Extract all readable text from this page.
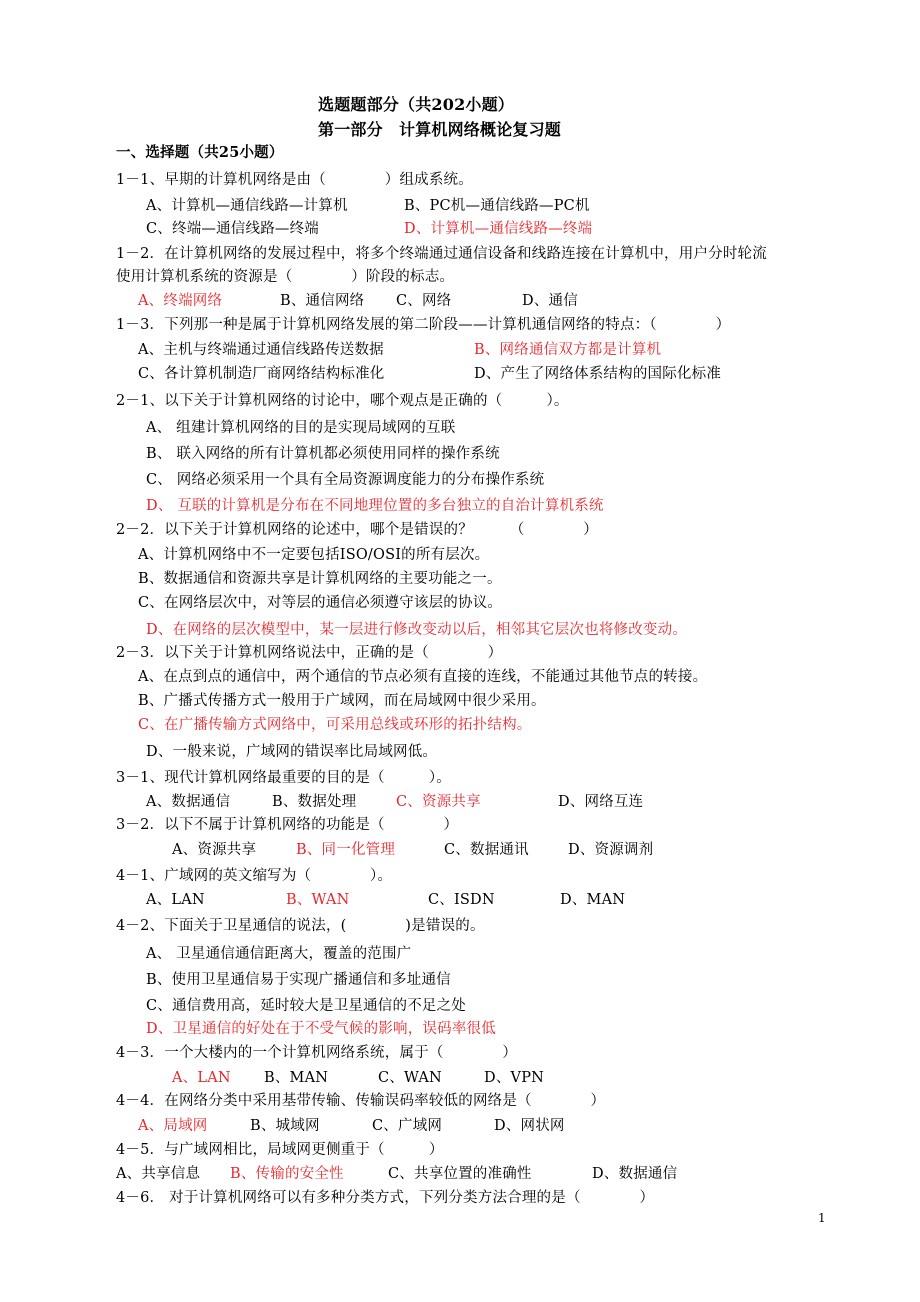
选题题部分（共202小题）
第一部分　计算机网络概论复习题
一、选择题（共25小题）
1－1、早期的计算机网络是由（　　　　）组成系统。
A、计算机—通信线路—计算机	B、PC机—通信线路—PC机
C、终端—通信线路—终端	D、计算机—通信线路—终端
1－2．在计算机网络的发展过程中，将多个终端通过通信设备和线路连接在计算机中，用户分时轮流
使用计算机系统的资源是（　　　　）阶段的标志。
A、终端网络	B、通信网络 C、网络	D、通信
1－3．下列那一种是属于计算机网络发展的第二阶段——计算机通信网络的特点：（　　　　）
A、主机与终端通过通信线路传送数据	B、网络通信双方都是计算机
C、各计算机制造厂商网络结构标准化	D、产生了网络体系结构的国际化标准
2－1、以下关于计算机网络的讨论中，哪个观点是正确的（　　　）。
A、 组建计算机网络的目的是实现局域网的互联
B、 联入网络的所有计算机都必须使用同样的操作系统
C、 网络必须采用一个具有全局资源调度能力的分布操作系统
D、 互联的计算机是分布在不同地理位置的多台独立的自治计算机系统
2－2．以下关于计算机网络的论述中，哪个是错误的？　　　（　　　　）
A、计算机网络中不一定要包括ISO/OSI的所有层次。
B、数据通信和资源共享是计算机网络的主要功能之一。
C、在网络层次中，对等层的通信必须遵守该层的协议。
D、在网络的层次模型中，某一层进行修改变动以后，相邻其它层次也将修改变动。
2－3．以下关于计算机网络说法中，正确的是（　　　　）
A、在点到点的通信中，两个通信的节点必须有直接的连线，不能通过其他节点的转接。
B、广播式传播方式一般用于广域网，而在局域网中很少采用。
C、在广播传输方式网络中，可采用总线或环形的拓扑结构。
D、一般来说，广域网的错误率比局域网低。
3－1、现代计算机网络最重要的目的是（　　　）。
A、数据通信	B、数据处理	C、资源共享	D、网络互连
3－2．以下不属于计算机网络的功能是（　　　　）
A、资源共享	B、同一化管理	C、数据通讯	D、资源调剂
4－1、广域网的英文缩写为（　　　　）。
A、LAN	B、WAN	C、ISDN	D、MAN
4－2、下面关于卫星通信的说法，(　　　　)是错误的。
A、 卫星通信通信距离大，覆盖的范围广
B、使用卫星通信易于实现广播通信和多址通信
C、通信费用高，延时较大是卫星通信的不足之处
D、卫星通信的好处在于不受气候的影响，误码率很低
4－3．一个大楼内的一个计算机网络系统，属于（　　　　）
A、LAN B、MAN	C、WAN	D、VPN
4－4．在网络分类中采用基带传输、传输误码率较低的网络是（　　　　）
A、局域网	B、城域网	C、广域网	D、网状网
4－5．与广域网相比，局域网更侧重于（　　　）
A、共享信息 B、传输的安全性	C、共享位置的准确性	D、数据通信
4－6． 对于计算机网络可以有多种分类方式，下列分类方法合理的是（　　　　）
1
